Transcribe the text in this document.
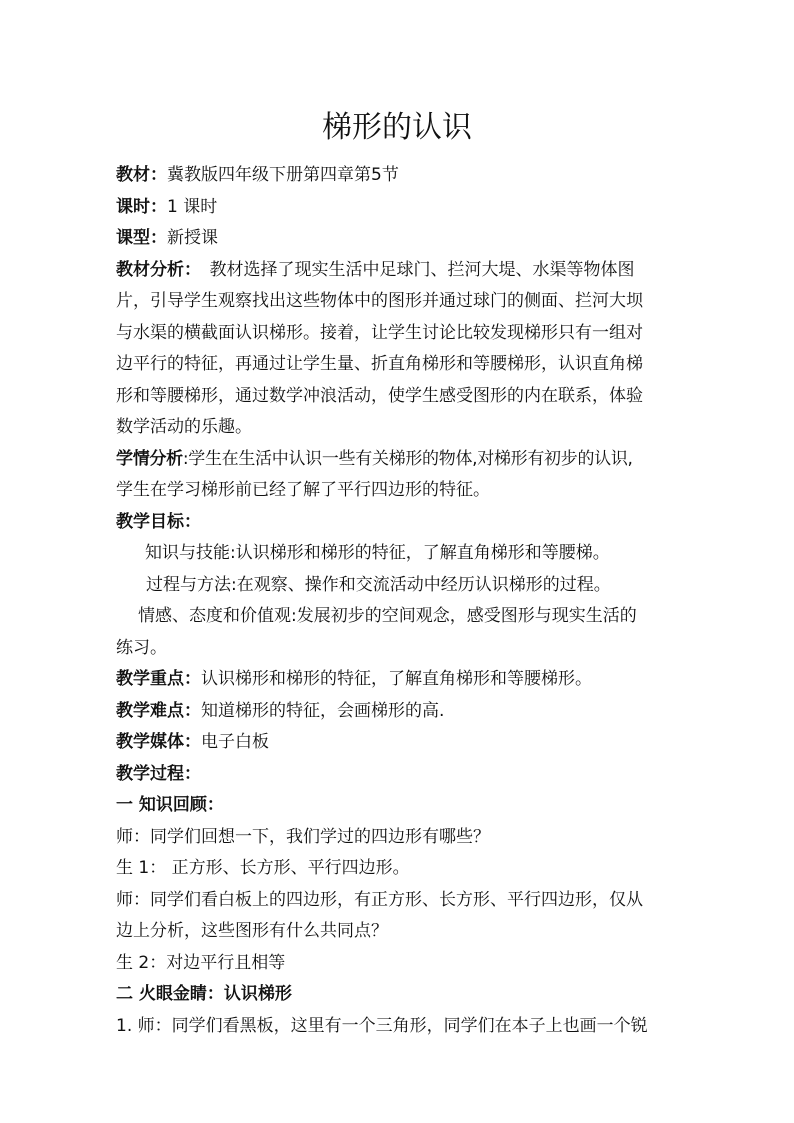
梯形的认识

教材：冀教版四年级下册第四章第5节

课时：1 课时

课型：新授课

教材分析：　教材选择了现实生活中足球门、拦河大堤、水渠等物体图

片，引导学生观察找出这些物体中的图形并通过球门的侧面、拦河大坝

与水渠的横截面认识梯形。接着，让学生讨论比较发现梯形只有一组对

边平行的特征，再通过让学生量、折直角梯形和等腰梯形，认识直角梯

形和等腰梯形，通过数学冲浪活动，使学生感受图形的内在联系，体验

数学活动的乐趣。

学情分析:学生在生活中认识一些有关梯形的物体,对梯形有初步的认识,

学生在学习梯形前已经了解了平行四边形的特征。

教学目标：

知识与技能:认识梯形和梯形的特征，了解直角梯形和等腰梯。

过程与方法:在观察、操作和交流活动中经历认识梯形的过程。

情感、态度和价值观:发展初步的空间观念，感受图形与现实生活的

练习。

教学重点：认识梯形和梯形的特征，了解直角梯形和等腰梯形。

教学难点：知道梯形的特征，会画梯形的高.

教学媒体：电子白板

教学过程：

一 知识回顾：

师：同学们回想一下，我们学过的四边形有哪些？

生 1： 正方形、长方形、平行四边形。

师：同学们看白板上的四边形，有正方形、长方形、平行四边形，仅从

边上分析，这些图形有什么共同点？

生 2：对边平行且相等

二 火眼金睛：认识梯形

1. 师：同学们看黑板，这里有一个三角形，同学们在本子上也画一个锐
